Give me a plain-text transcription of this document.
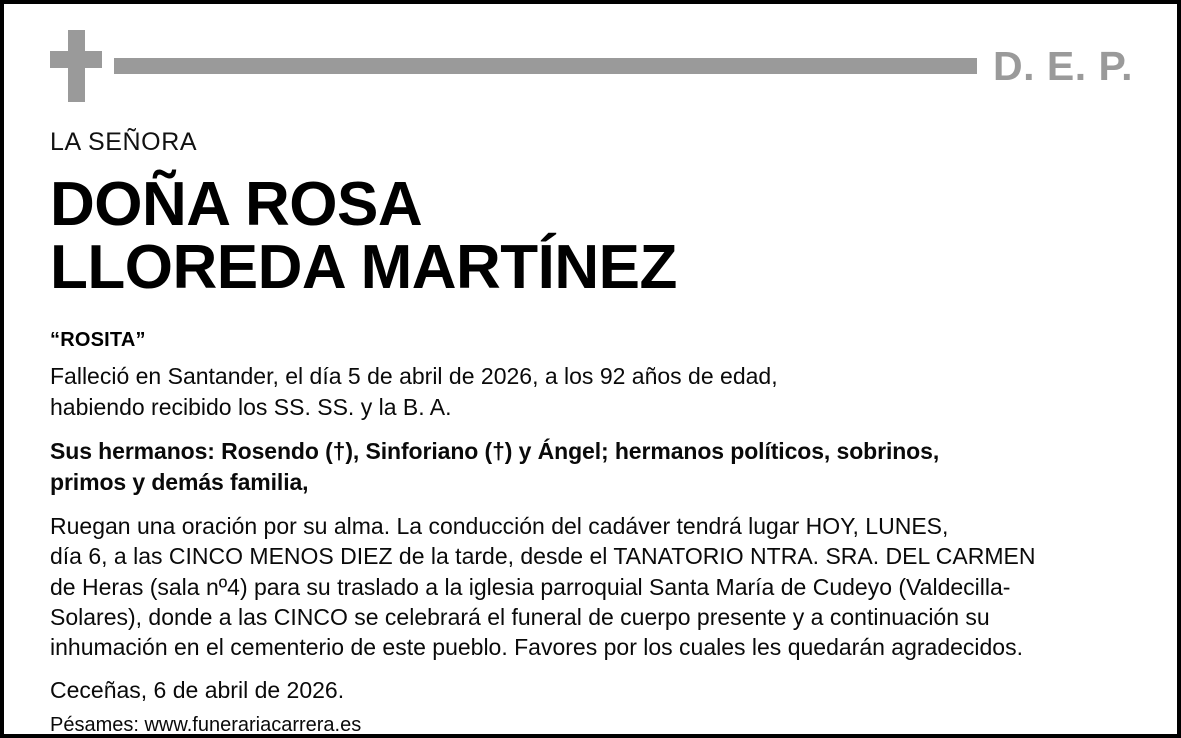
D. E. P.
LA SEÑORA
DOÑA ROSA
LLOREDA MARTÍNEZ
“ROSITA”
Falleció en Santander, el día 5 de abril de 2026, a los 92 años de edad,
habiendo recibido los SS. SS. y la B. A.
Sus hermanos: Rosendo (†), Sinforiano (†) y Ángel; hermanos políticos, sobrinos,
primos y demás familia,
Ruegan una oración por su alma. La conducción del cadáver tendrá lugar HOY, LUNES,
día 6, a las CINCO MENOS DIEZ de la tarde, desde el TANATORIO NTRA. SRA. DEL CARMEN
de Heras (sala nº4) para su traslado a la iglesia parroquial Santa María de Cudeyo (Valdecilla-
Solares), donde a las CINCO se celebrará el funeral de cuerpo presente y a continuación su
inhumación en el cementerio de este pueblo. Favores por los cuales les quedarán agradecidos.
Ceceñas, 6 de abril de 2026.
Pésames: www.funerariacarrera.es
